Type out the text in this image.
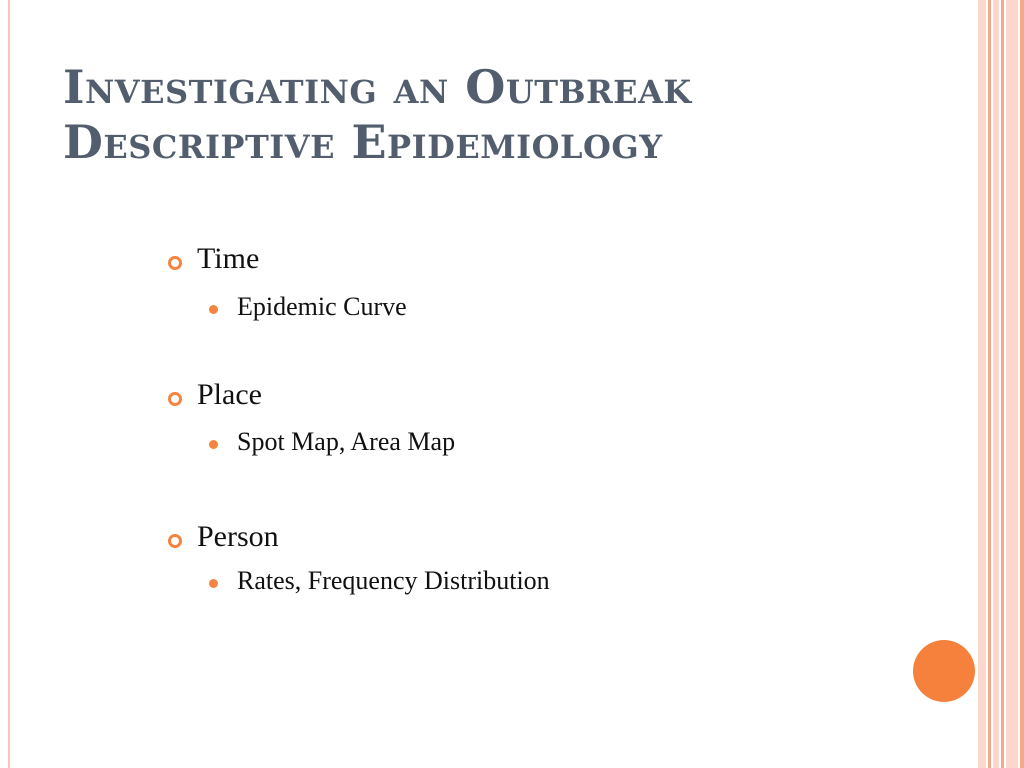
Investigating an Outbreak
Descriptive Epidemiology
Time
Epidemic Curve
Place
Spot Map, Area Map
Person
Rates, Frequency Distribution
